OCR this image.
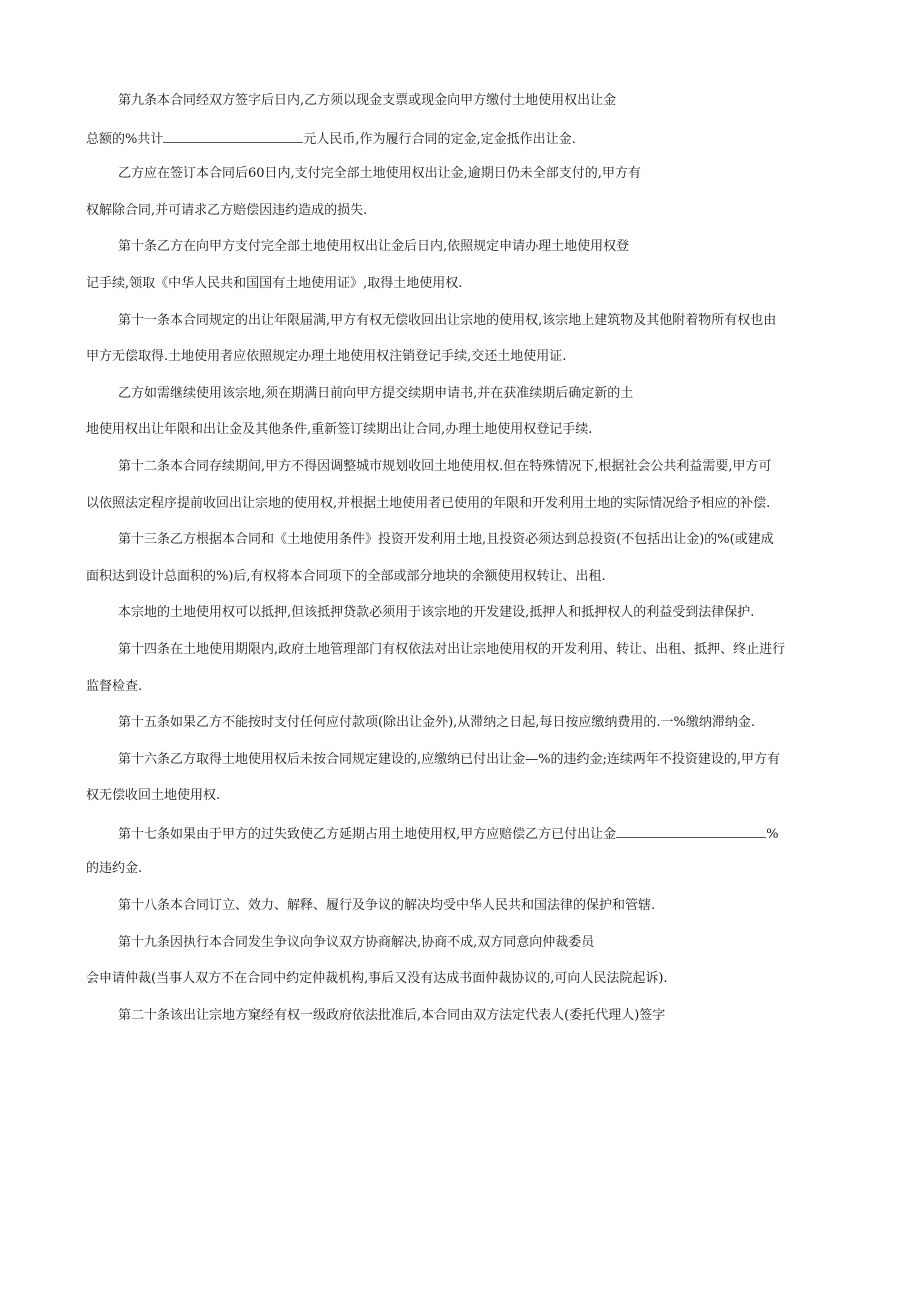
第九条本合同经双方签字后日内,乙方须以现金支票或现金向甲方缴付土地使用权出让金
总额的%共计	元人民币,作为履行合同的定金,定金抵作出让金.
乙方应在签订本合同后60日内,支付完全部土地使用权出让金,逾期日仍未全部支付的,甲方有
权解除合同,并可请求乙方赔偿因违约造成的损失.
第十条乙方在向甲方支付完全部土地使用权出让金后日内,依照规定申请办理土地使用权登
记手续,领取《中华人民共和国国有土地使用证》,取得土地使用权.
第十一条本合同规定的出让年限届满,甲方有权无偿收回出让宗地的使用权,该宗地上建筑物及其他附着物所有权也由
甲方无偿取得.土地使用者应依照规定办理土地使用权注销登记手续,交还土地使用证.
乙方如需继续使用该宗地,须在期满日前向甲方提交续期申请书,并在获准续期后确定新的土
地使用权出让年限和出让金及其他条件,重新签订续期出让合同,办理土地使用权登记手续.
第十二条本合同存续期间,甲方不得因调整城市规划收回土地使用权.但在特殊情况下,根据社会公共利益需要,甲方可
以依照法定程序提前收回出让宗地的使用权,并根据土地使用者已使用的年限和开发利用土地的实际情况给予相应的补偿.
第十三条乙方根据本合同和《土地使用条件》投资开发利用土地,且投资必须达到总投资(不包括出让金)的%(或建成
面积达到设计总面积的%)后,有权将本合同项下的全部或部分地块的余额使用权转让、出租.
本宗地的土地使用权可以抵押,但该抵押贷款必须用于该宗地的开发建设,抵押人和抵押权人的利益受到法律保护.
第十四条在土地使用期限内,政府土地管理部门有权依法对出让宗地使用权的开发利用、转让、出租、抵押、终止进行
监督检查.
第十五条如果乙方不能按时支付任何应付款项(除出让金外),从滞纳之日起,每日按应缴纳费用的.一%缴纳滞纳金.
第十六条乙方取得土地使用权后未按合同规定建设的,应缴纳已付出让金—%的违约金;连续两年不投资建设的,甲方有
权无偿收回土地使用权.
第十七条如果由于甲方的过失致使乙方延期占用土地使用权,甲方应赔偿乙方已付出让金	%
的违约金.
第十八条本合同订立、效力、解释、履行及争议的解决均受中华人民共和国法律的保护和管辖.
第十九条因执行本合同发生争议向争议双方协商解决,协商不成,双方同意向仲裁委员
会申请仲裁(当事人双方不在合同中约定仲裁机构,事后又没有达成书面仲裁协议的,可向人民法院起诉).
第二十条该出让宗地方窠经有权一级政府依法批准后,本合同由双方法定代表人(委托代理人)签字
